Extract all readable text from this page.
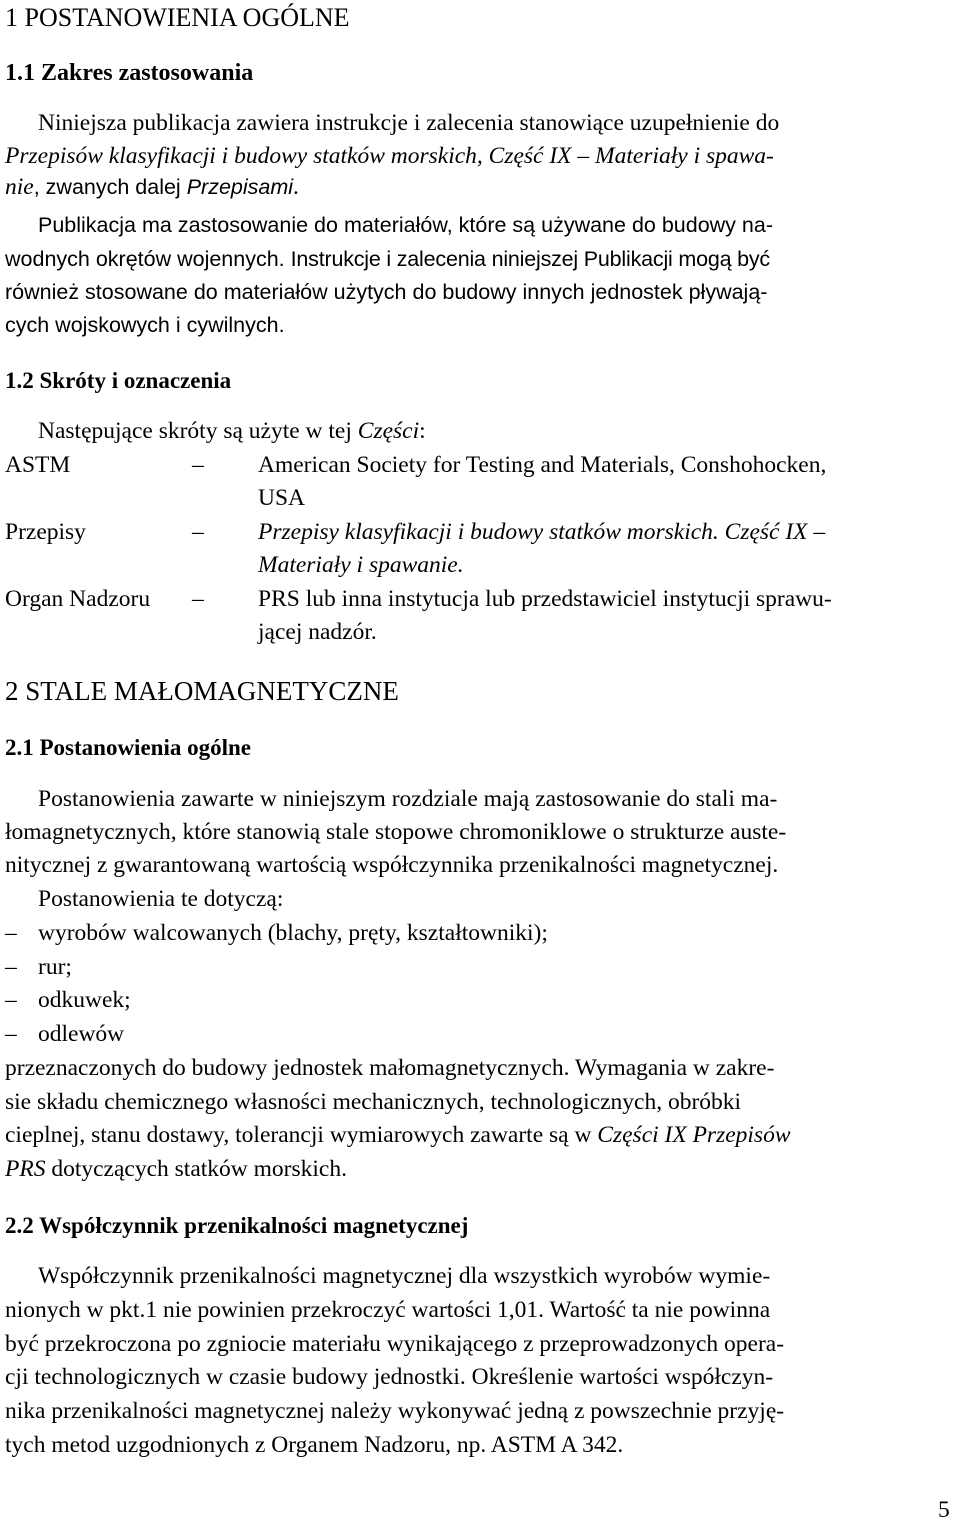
1 POSTANOWIENIA OGÓLNE
1.1 Zakres zastosowania
Niniejsza publikacja zawiera instrukcje i zalecenia stanowiące uzupełnienie do
Przepisów klasyfikacji i budowy statków morskich, Część IX – Materiały i spawa-
nie, zwanych dalej Przepisami.
Publikacja ma zastosowanie do materiałów, które są używane do budowy na-
wodnych okrętów wojennych. Instrukcje i zalecenia niniejszej Publikacji mogą być
również stosowane do materiałów użytych do budowy innych jednostek pływają-
cych wojskowych i cywilnych.
1.2 Skróty i oznaczenia
Następujące skróty są użyte w tej Części:
ASTM	– American Society for Testing and Materials, Conshohocken,
USA
Przepisy	– Przepisy klasyfikacji i budowy statków morskich. Część IX –
Materiały i spawanie.
Organ Nadzoru – PRS lub inna instytucja lub przedstawiciel instytucji sprawu-
jącej nadzór.
2 STALE MAŁOMAGNETYCZNE
2.1 Postanowienia ogólne
Postanowienia zawarte w niniejszym rozdziale mają zastosowanie do stali ma-
łomagnetycznych, które stanowią stale stopowe chromoniklowe o strukturze auste-
nitycznej z gwarantowaną wartością współczynnika przenikalności magnetycznej.
Postanowienia te dotyczą:
– wyrobów walcowanych (blachy, pręty, kształtowniki);
– rur;
– odkuwek;
– odlewów
przeznaczonych do budowy jednostek małomagnetycznych. Wymagania w zakre-
sie składu chemicznego własności mechanicznych, technologicznych, obróbki
cieplnej, stanu dostawy, tolerancji wymiarowych zawarte są w Części IX Przepisów
PRS dotyczących statków morskich.
2.2 Współczynnik przenikalności magnetycznej
Współczynnik przenikalności magnetycznej dla wszystkich wyrobów wymie-
nionych w pkt.1 nie powinien przekroczyć wartości 1,01. Wartość ta nie powinna
być przekroczona po zgniocie materiału wynikającego z przeprowadzonych opera-
cji technologicznych w czasie budowy jednostki. Określenie wartości współczyn-
nika przenikalności magnetycznej należy wykonywać jedną z powszechnie przyję-
tych metod uzgodnionych z Organem Nadzoru, np. ASTM A 342.
5
